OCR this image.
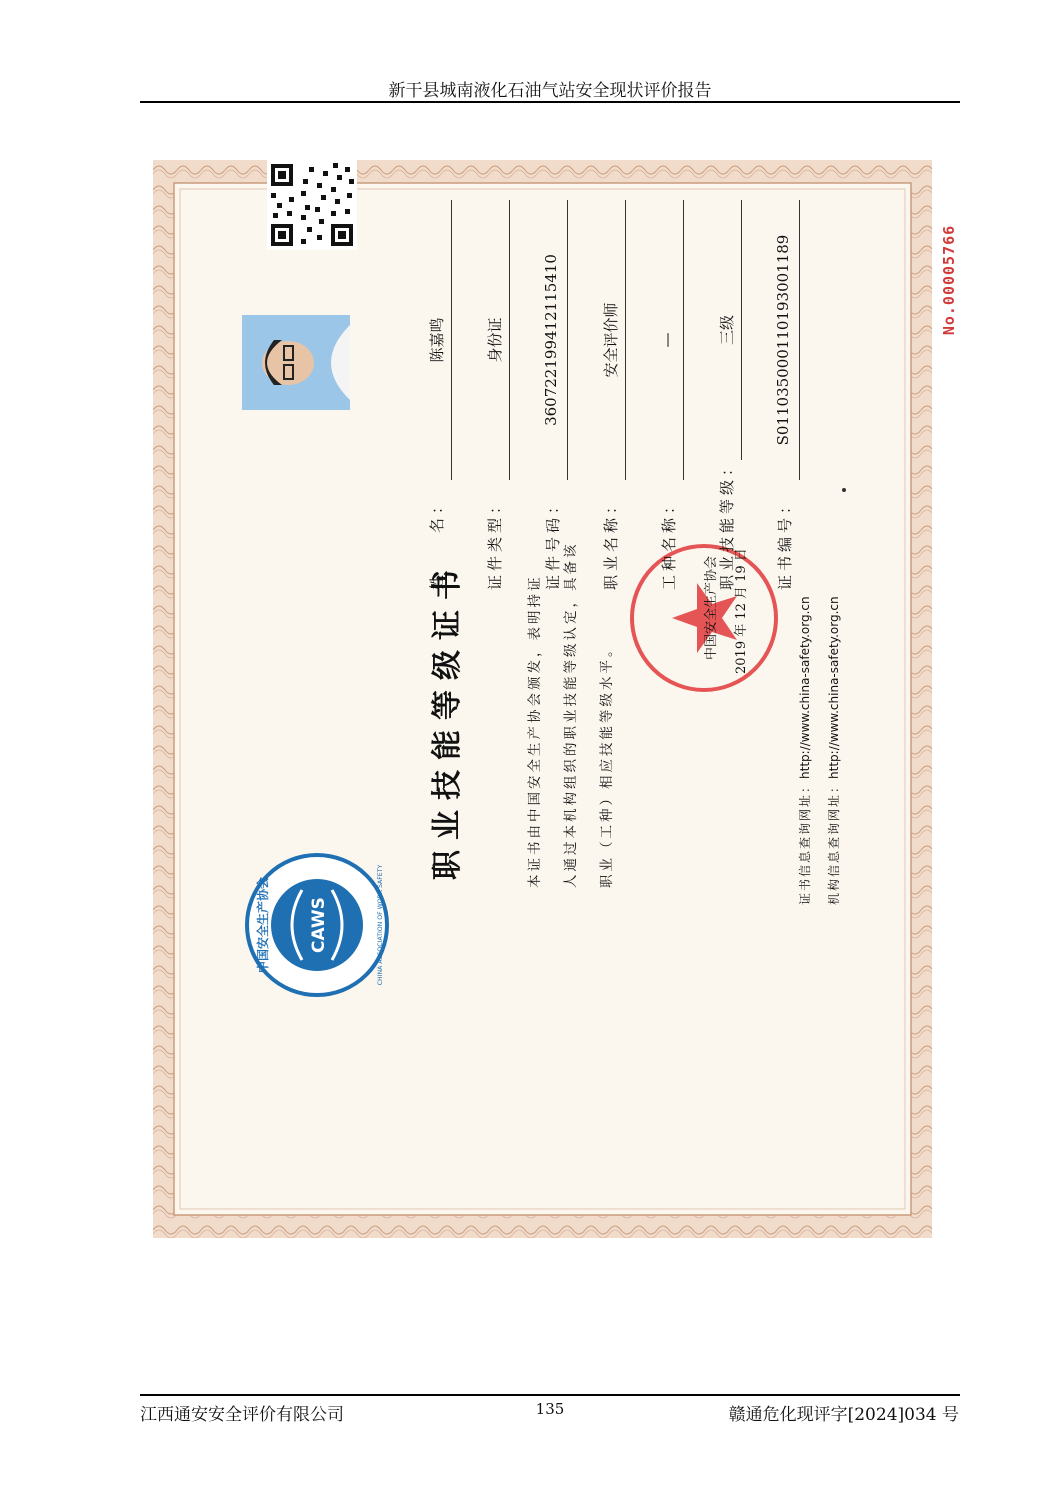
新干县城南液化石油气站安全现状评价报告
No.00005766
CAWS
中国安全生产协会	CHINA ASSOCIATION OF WORK SAFETY
职业技能等级证书	本证书由中国安全生产协会颁发，表明持证	人通过本机构组织的职业技能等级认定，具备该	职业（工种）相应技能等级水平。
中国安全生产协会	2019 年 12 月 19 日
证书信息查询网址：http://www.china-safety.org.cn
机构信息查询网址：http://www.china-safety.org.cn
姓　　名：
陈嘉鸣
证件类型：
身份证
证件号码：
360722199412115410
职业名称：
安全评价师
工种名称：
—
职业技能等级：
三级
证书编号：
S011035000110193001189
江西通安安全评价有限公司	135	赣通危化现评字[2024]034 号
